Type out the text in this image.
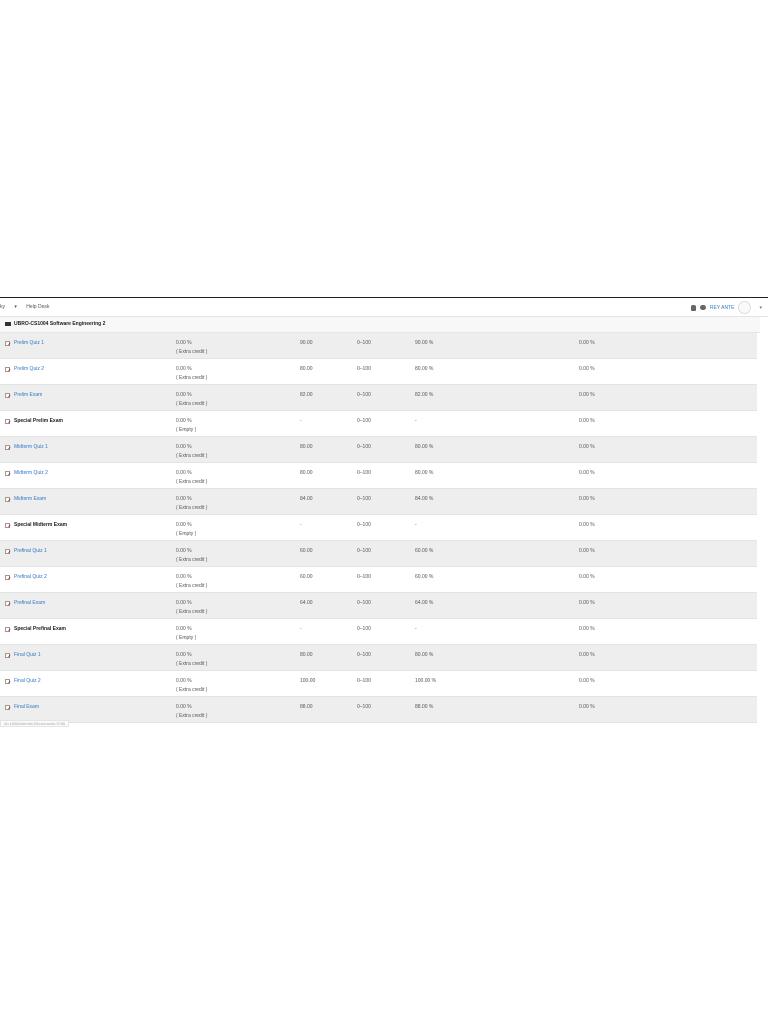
ky ▾ Help Desk	REY ANTE	▾
UBRO-CS1004 Software Engineering 2
Prelim Quiz 1	0.00 %
( Extra credit )	90.00	0–100	90.00 %	0.00 %

Prelim Quiz 2	0.00 %
( Extra credit )	80.00	0–100	80.00 %	0.00 %

Prelim Exam	0.00 %
( Extra credit )	82.00	0–100	82.00 %	0.00 %

Special Prelim Exam	0.00 %
( Empty )	-	0–100	-	0.00 %

Midterm Quiz 1	0.00 %
( Extra credit )	80.00	0–100	80.00 %	0.00 %

Midterm Quiz 2	0.00 %
( Extra credit )	80.00	0–100	80.00 %	0.00 %

Midterm Exam	0.00 %
( Extra credit )	84.00	0–100	84.00 %	0.00 %

Special Midterm Exam	0.00 %
( Empty )	-	0–100	-	0.00 %

Prefinal Quiz 1	0.00 %
( Extra credit )	60.00	0–100	60.00 %	0.00 %

Prefinal Quiz 2	0.00 %
( Extra credit )	60.00	0–100	60.00 %	0.00 %

Prefinal Exam	0.00 %
( Extra credit )	64.00	0–100	64.00 %	0.00 %

Special Prefinal Exam	0.00 %
( Empty )	-	0–100	-	0.00 %

Final Quiz 1	0.00 %
( Extra credit )	80.00	0–100	80.00 %	0.00 %

Final Quiz 2	0.00 %
( Extra credit )	100.00	0–100	100.00 %	0.00 %

Final Exam	0.00 %
( Extra credit )	88.00	0–100	88.00 %	0.00 %
id=1838&itemid=0&courseid=3786
